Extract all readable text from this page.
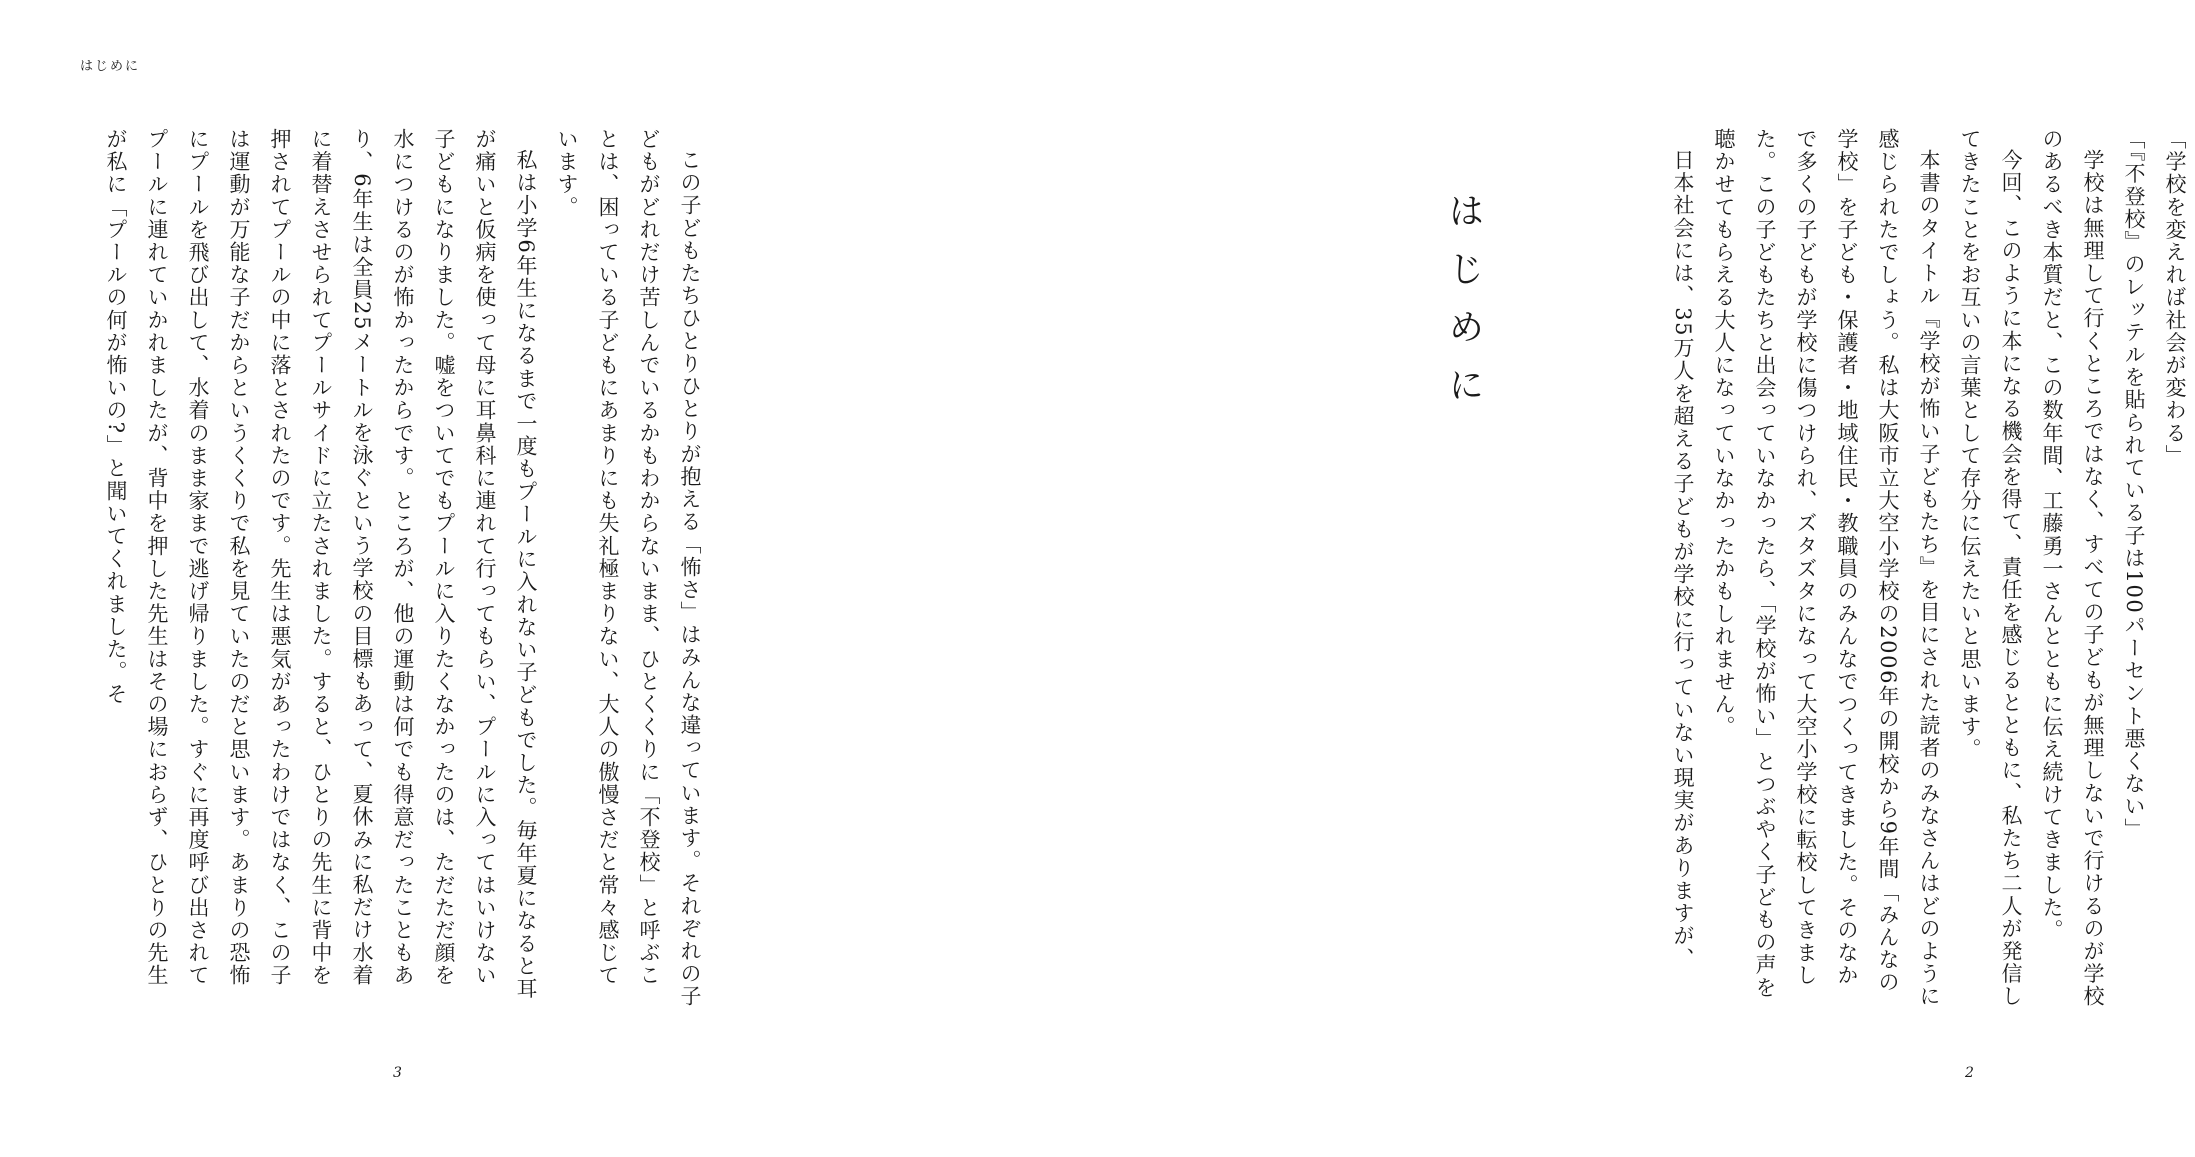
はじめに

この子どもたちひとりひとりが抱える「怖さ」はみんな違っています。それぞれの子どもがどれだけ苦しんでいるかもわからないまま、ひとくくりに「不登校」と呼ぶことは、困っている子どもにあまりにも失礼極まりない、大人の傲慢さだと常々感じています。

私は小学6年生になるまで一度もプールに入れない子どもでした。毎年夏になると耳が痛いと仮病を使って母に耳鼻科に連れて行ってもらい、プールに入ってはいけない子どもになりました。嘘をついてでもプールに入りたくなかったのは、ただただ顔を水につけるのが怖かったからです。ところが、他の運動は何でも得意だったこともあり、6年生は全員25メートルを泳ぐという学校の目標もあって、夏休みに私だけ水着に着替えさせられてプールサイドに立たされました。すると、ひとりの先生に背中を押されてプールの中に落とされたのです。先生は悪気があったわけではなく、この子は運動が万能な子だからというくくりで私を見ていたのだと思います。あまりの恐怖にプールを飛び出して、水着のまま家まで逃げ帰りました。すぐに再度呼び出されてプールに連れていかれましたが、背中を押した先生はその場におらず、ひとりの先生が私に「プールの何が怖いの?」と聞いてくれました。そ

3

「学校を変えれば社会が変わる」

「『不登校』のレッテルを貼られている子は100パーセント悪くない」

学校は無理して行くところではなく、すべての子どもが無理しないで行けるのが学校のあるべき本質だと、この数年間、工藤勇一さんとともに伝え続けてきました。

今回、このように本になる機会を得て、責任を感じるとともに、私たち二人が発信してきたことをお互いの言葉として存分に伝えたいと思います。

本書のタイトル『学校が怖い子どもたち』を目にされた読者のみなさんはどのように感じられたでしょう。私は大阪市立大空小学校の2006年の開校から9年間「みんなの学校」を子ども・保護者・地域住民・教職員のみんなでつくってきました。そのなかで多くの子どもが学校に傷つけられ、ズタズタになって大空小学校に転校してきました。この子どもたちと出会っていなかったら、「学校が怖い」とつぶやく子どもの声を聴かせてもらえる大人になっていなかったかもしれません。

日本社会には、35万人を超える子どもが学校に行っていない現実がありますが、

2
はじめに
